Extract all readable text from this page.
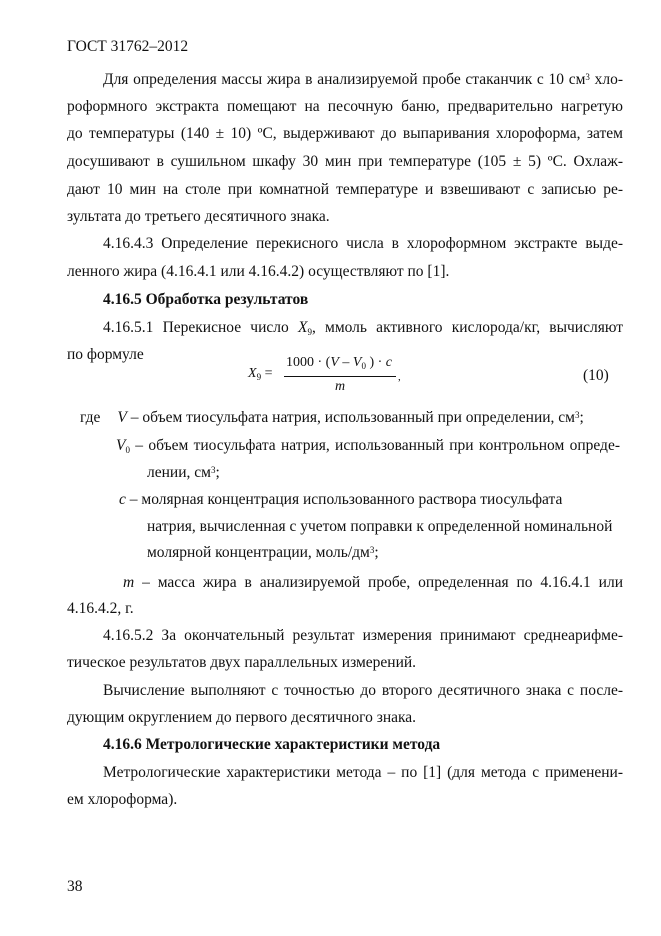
ГОСТ 31762–2012
Для определения массы жира в анализируемой пробе стаканчик с 10 $см^3$ хло-
роформного экстракта помещают на песочную баню, предварительно нагретую
до температуры (140 ± 10) ºС, выдерживают до выпаривания хлороформа, затем
досушивают в сушильном шкафу 30 мин при температуре (105 ± 5) ºС. Охлаж-
дают 10 мин на столе при комнатной температуре и взвешивают с записью ре-
зультата до третьего десятичного знака.
4.16.4.3 Определение перекисного числа в хлороформном экстракте выде-
ленного жира (4.16.4.1 или 4.16.4.2) осуществляют по [1].
4.16.5 Обработка результатов
4.16.5.1 Перекисное число $X_9$, ммоль активного кислорода/кг, вычисляют
по формуле
$X_9$ =
$1000 \cdot (V - V_0$ ) · c
m
,	(10)
где V – объем тиосульфата натрия, использованный при определении, $см^3$;
$V_0$ – объем тиосульфата натрия, использованный при контрольном опреде-
лении, $см^3$;
c – молярная концентрация использованного раствора тиосульфата
натрия, вычисленная с учетом поправки к определенной номинальной
молярной концентрации, моль/$дм^3$;
m – масса жира в анализируемой пробе, определенная по 4.16.4.1 или
4.16.4.2, г.
4.16.5.2 За окончательный результат измерения принимают среднеарифме-
тическое результатов двух параллельных измерений.
Вычисление выполняют с точностью до второго десятичного знака с после-
дующим округлением до первого десятичного знака.
4.16.6 Метрологические характеристики метода
Метрологические характеристики метода – по [1] (для метода с применени-
ем хлороформа).
38
